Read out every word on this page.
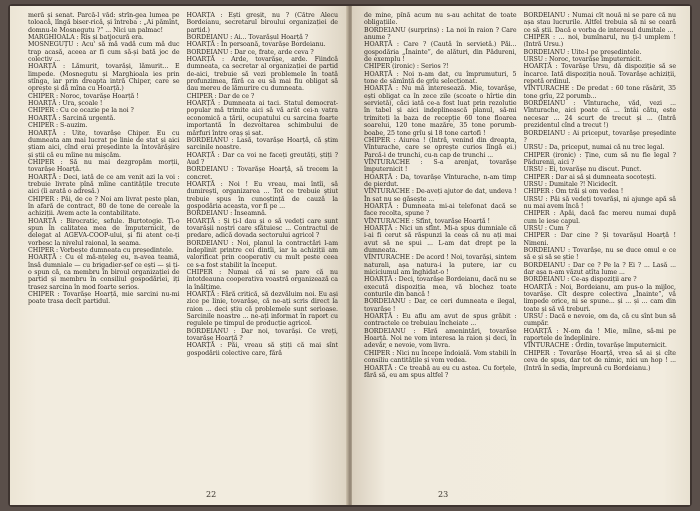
meră și senat. Parcă-l văd: strîn-gea lumea pe toloacă, lîngă biser-rică, și întreba : „Ai pămînt, domnu-le Mosnegutu ?” ... Nici un palmac!

MARGHIOALA : Rîs și batjocură era.

MOSNEGUȚU : Acu' să mă vadă cum mă duc trap acasă, aceea ar fi cum să-și bată joc de colectiv ...

HOARȚĂ : Lămurit, tovarăși, lămurit... E limpede. (Mosnegutu și Marghioala ies prin stînga, iar prin dreapta intră Chiper, care se oprește și dă mîna cu Hoarță.)

CHIPER : Noroc, tovarășe Hoarță !

HOARȚĂ : Ura, școale !

CHIPER : Cu ce ocazie pe la noi ?

HOARȚĂ : Sarcină urgentă.

CHIPER : S-auzim.

HOARȚĂ : Uite, tovarășe Chiper. Eu cu dumneata am mai lucrat pe linie de stat și aici știam aici, cînd erai președinte la întovărășire și știi că eu mîine nu mișcăm.

CHIPER : Să nu mai dezgropăm morții, tovarășe Hoarță.

HOARȚĂ : Deci, iată de ce am venit azi la voi : trebuie livrate pînă mîine cantitățile trecute aici (îi arată o adresă.)

CHIPER : Păi, de ce ? Noi am livrat peste plan, în afară de contract, 80 de tone de cereale la achiziții. Avem acte la contabilitate.

HOARȚĂ : Birocratic, sefule. Burtotogie. Ți-o spun în calitatea mea de împuternicit, de delegat al AGEVA-COOP-ului, și fii atent ce-ți vorbesc la nivelul raional, la seama.

CHIPER : Vorbește dumneata cu președintele.

HOARȚĂ : Cu el mă-nțeleg eu, n-avea teamă, însă dumniale — cu brigadier-șef ce ești — și ți-o spun că, ca membru în biroul organizației de partid și membru în consiliul gospodăriei, iți trasez sarcina în mod foarte serios.

CHIPER : Tovarășe Hoarță, mie sarcini nu-mi poate trasa decît partidul.

HOARȚĂ : Ești greșit, nu ? (Către Alecu Bordeianu, secretarul biroului organizației de partid.)

BORDEIANU : Ai... Tovarășul Hoarță ?

HOARȚĂ : În persoană, tovarășe Bordeianu.

BORDEIANU : Dar ce, frate, arde ceva ?

HOARȚĂ : Arde, tovarășe, arde. Fiindcă dumneata, ca secretar al organizației de partid de-aici, trebuie să vezi problemele în toată profunzimea, fără ca eu să mai fiu obligat să dau mereu de lămurire cu dumneata.

CHIPER : Dar de ce ?

HOARȚĂ : Dumneata ai taci. Statul democrat-popular mă trimite aici să vă arăt cei-n vatra economică a țării, ocupatului cu sarcina foarte importantă în dezvoltarea schimbului de mărfuri între oraș și sat.

BORDEIANU : Lasă, tovarășe Hoarță, că știm sarcinile noastre.

HOARȚĂ : Dar ca voi ne faceți greutăți, știți ? Aud ?

BORDEIANU : Tovarășe Hoarță, să trecem la concret.

HOARȚĂ : Noi ! Eu vreau, mai întîi, să dumirești, organizarea ... Tot ce trebuie știut trebuie spus în cunoștință de cauză la gospodăria aceasta, vor fi pe ...

BORDEIANU : Înseamnă.

HOARȚĂ : Și ți-l dau și o să vedeți care sunt tovarășii noștri care sfătuiesc ... Contractul de predare, adică dovada sectorului agricol ?

BORDEIANU : Noi, planul la contractări l-am îndeplinit printre cei dintîi, iar la achiziții am valorificat prin cooperativ cu mult peste ceea ce s-a fost stabilit la început.

CHIPER : Numai că ni se pare că nu întotdeauna cooperativa voastră organizează ca la înălțime.

HOARȚĂ : Fără critică, să dezvăluim noi. Eu ași zice pe linie, tovarășe, că ne-ați scris direct la raion ... deci știu că problemele sunt serioase. Sarcinile noastre ... ne-ați informat în raport cu regulele pe timpul de producție agricol.

BORDEIANU : Dar noi, tovarăși. Ce vreți, tovarășe Hoarță ?

HOARȚĂ : Păi, vreau să știți că mai sînt gospodării colective care, fără

22

de mine, pînă acum nu s-au achitat de toate obligațiile.

BORDEIANU (surprins) : La noi în raion ? Care anume ?

HOARȚĂ : Care ? (Caută în servietă.) Păi... gospodăria „Înainte”, de alături, din Pădureni, de exemplu !

CHIPER (ironic) : Serios ?!

HOARȚĂ : Noi n-am dat, cu împrumuturi, 5 tone de sămînță de grîu selecționat.

HOARȚĂ : Nu mă interesează. Mie, tovarășe, ești obligat ca în zece zile (scoate o hîrtie din servietă), căci iată ce-a fost luat prin rezolutie în tabel și aici indeplinească planul, să-mi trimiteți la baza de recepție 60 tone floarea soarelui, 120 tone mazăre, 35 tone porumb-boabe, 25 tone grîu și 18 tone cartofi !

CHIPER : Aiurea ! (Intră, venind din dreapta, Vînturache, care se oprește curios lîngă ei.) Parcă-i de trunchi, cu-n cap de trunchi ...

VÎNTURACHE : S-a arenjat, tovarășe împuternicit !

HOARȚĂ : Da, tovarășe Vînturache, n-am timp de pierdut.

VÎNTURACHE : De-aveți ajutor de dat, undeva ! În sat nu se găsește ...

HOARȚĂ : Dumneata mi-ai telefonat dacă se face recolta, spune ?

VÎNTURACHE : Sfînt, tovarășe Hoarță !

HOARȚĂ : Nici un sfînt. Mi-a spus dumniale că i-ai fi cerut să răspunzi la ceas că nu ați mai avut să ne spui ... L-am dat drept pe la dumneata.

VÎNTURACHE : De acord ! Noi, tovarăși, sintem naturali, așa natura-i la putere, iar cu miciciumul am înghidat-o !

HOARȚĂ : Deci, tovarășe Bordeianu, dacă nu se execută dispoziția mea, vă blochez toate conturile din bancă !

BORDEIANU : Dar, ce ceri dumneata e ilegal, tovarășe !

HOARȚĂ : Eu aflu am avut de spus grăbit : contractele ce trebuiau încheiate ...

BORDEIANU : Fără amenințări, tovarășe Hoarță. Noi ne vom interesa la raion și deci, în adevăr, e nevoie, vom livra.

CHIPER : Nici nu începe îndoială. Vom stabili în consiliu cantitățile și vom vedea.

HOARȚĂ : Ce treabă au eu cu astea. Cu forțele, fără să, eu am spus altfel ?

BORDEIANU : Numai cît nouă ni se pare că nu așa stau lucrurile. Altfel trebuia să ni se ceară ce să știi. Dacă e vorba de interesul dumitale ...

CHIPER : ... noi, bumînarul, nu ți-l umplem ! (Intră Ursu.)

BORDEIANU : Uite-l pe președintele.

URSU : Noroc, tovarășe împuternicit.

HOARȚĂ : Tovarășe Ursu, dă dispoziție să se încarce. Iată dispoziția nouă. Tovarășe achiziții, repetă ordinul.

VÎNTURACHE : De predat : 60 tone răsărit, 35 tone grîu, 22 porumb...

BORDEIANU : Vînturache, văd, vezi ... Vînturache, aici poate că ... întâi cătu, este necesar ... 24 scurt de trecut și ... (Intră prezidentul cînd a trecut !)

BORDEIANU : Ai priceput, tovarășe președinte ?

URSU : Da, priceput, numai că nu trec legal.

CHIPER (ironic) : Ține, cum să nu fie legal ? Pădurenii, aici ?

URSU : Ei, tovarășe nu discut. Punct.

CHIPER : Dar ai să și dumneata socotești.

URSU : Dumitale ?! Nicidecît.

CHIPER : Om trăi și om vedea !

URSU : Păi să vedeți tovarăși, ni ajunge apă să nu mai avem încă !

CHIPER : Apăi, dacă fac mereu numai după cum le iese capul.

URSU : Cum ?

CHIPER : Dar cine ? Și tovarășul Hoarță ! Nimeni.

BORDEIANU : Tovarășe, nu se duce omul e ce să e și să se știe !

BORDEIANU : Dar ce ? Pe la ? Ei ? ... Lasă ... dar așa n-am văzut atîta lume ...

BORDEIANU : Ce-aș dispoziții are ?

HOARȚĂ : Noi, Bordeianu, am pus-o la mijloc, tovarășe. Cît despre colectiva „Înainte”, vă limpede orice, ni se spune... și ... și ... cam din toate și să vă treburi.

URSU : Dacă e nevoie, om da, că cu sînt bun să cumpăr.

HOARȚĂ : N-om da ! Mie, mîine, să-mi pe raportele de îndeplinire.

VÎNTURACHE : Ordin, tovarășe împuternicit.

CHIPER : Tovarășe Hoarță, vrea să ai și cîte ceva de spus, dar tot de nimic, nici un hop ! ... (Intră în sedia, împreună cu Bordeianu.)

23
